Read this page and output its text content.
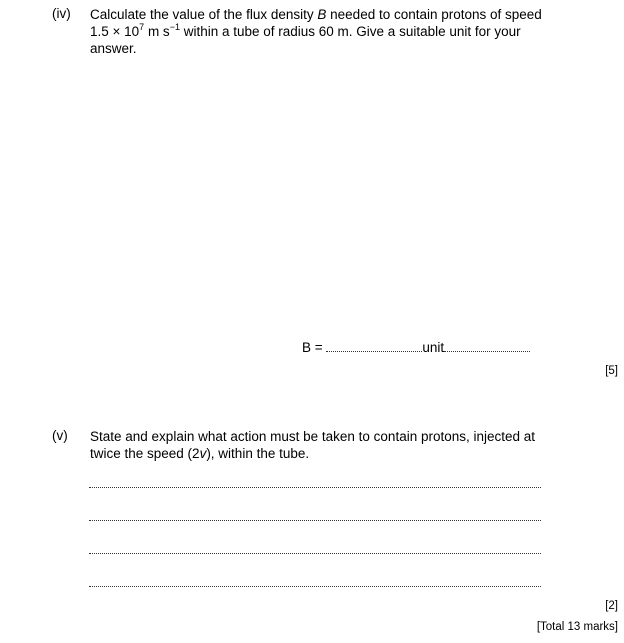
(iv) Calculate the value of the flux density B needed to contain protons of speed
$1.5 \times 10^7$ m $s^{-1}$ within a tube of radius 60 m. Give a suitable unit for your
answer.
B =	unit
[5]
(v) State and explain what action must be taken to contain protons, injected at
twice the speed (2v), within the tube.
[2]
[Total 13 marks]
